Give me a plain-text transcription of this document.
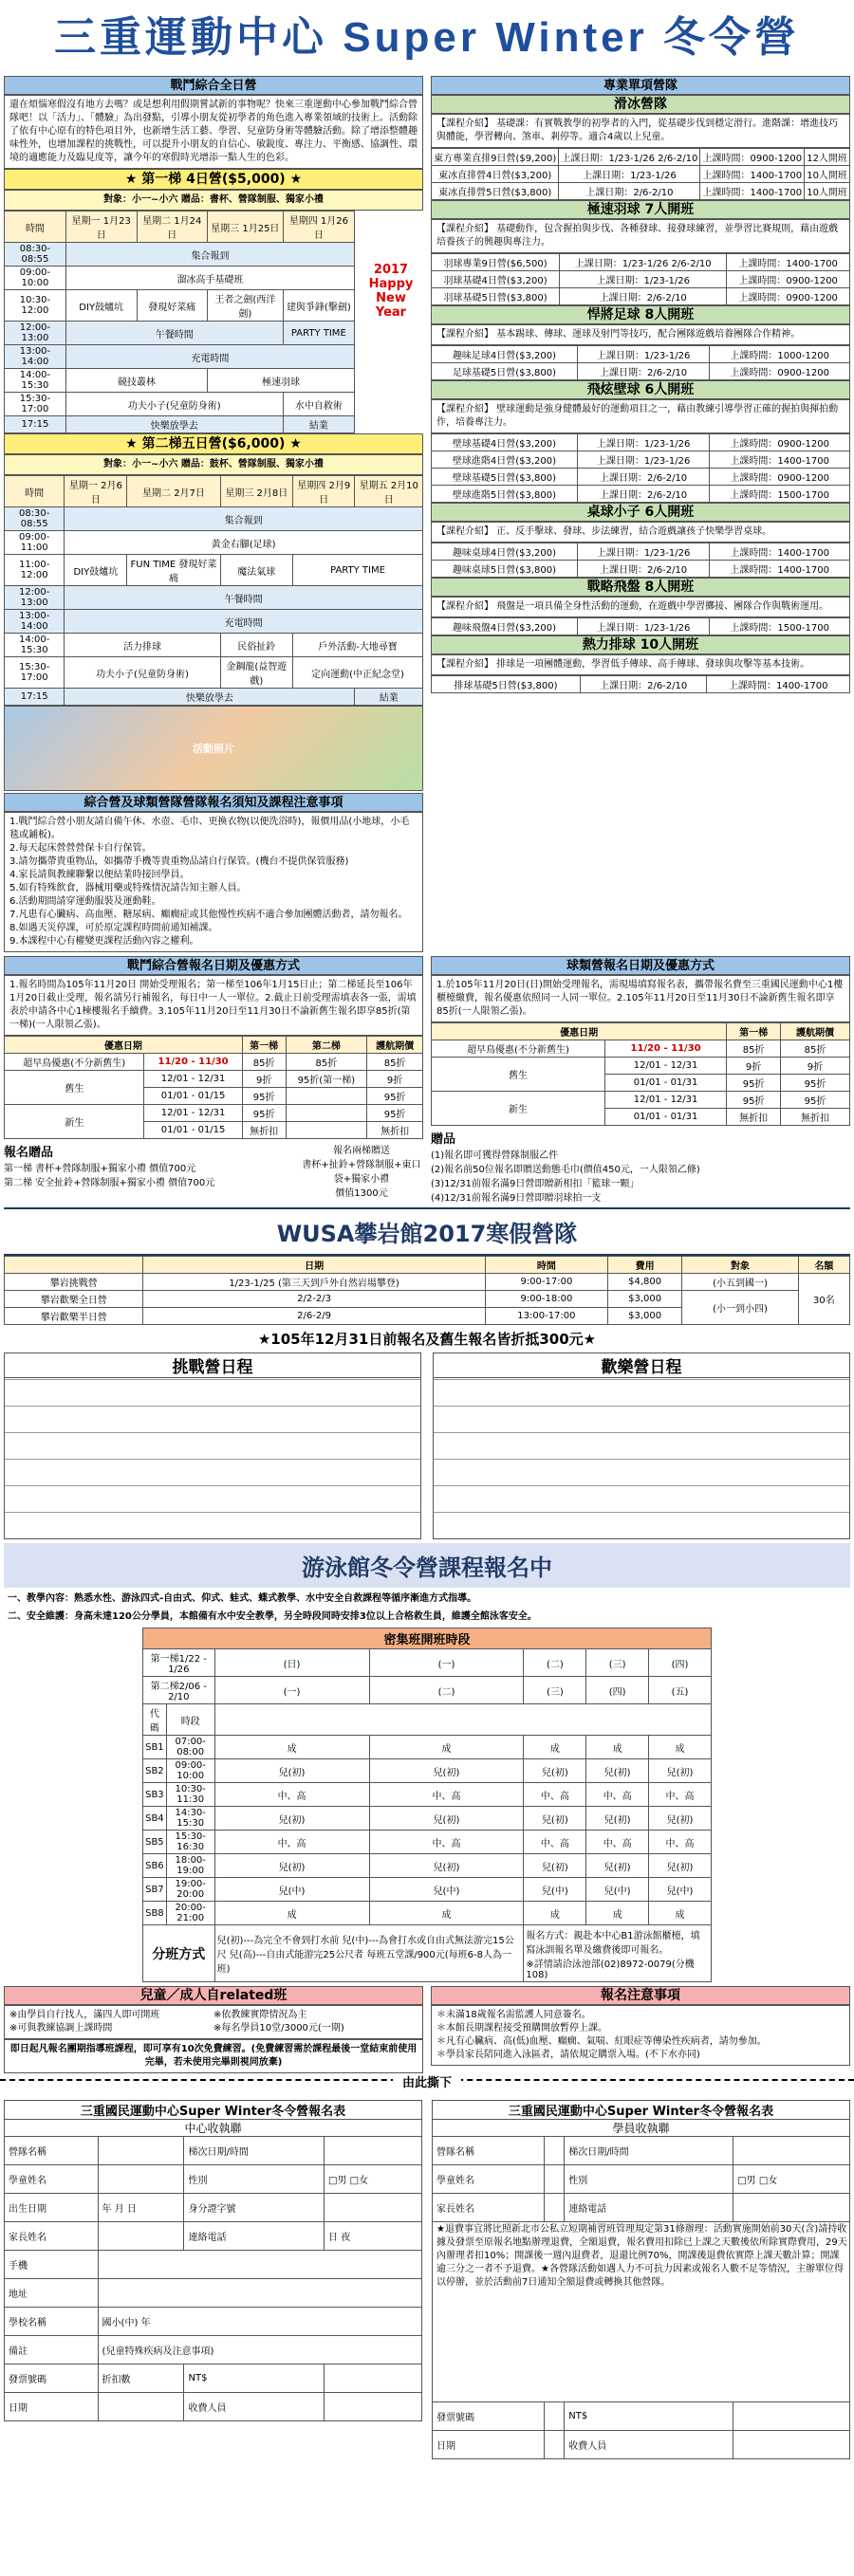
三重運動中心 Super Winter 冬令營
戰鬥綜合全日營
還在煩惱寒假沒有地方去嗎？或是想利用假期嘗試新的事物呢？快來三重運動中心參加戰鬥綜合營隊吧！以「活力」、「體驗」為出發點，引導小朋友從初學者的角色進入專業領域的技術上。活動除了依有中心原有的特色項目外，也新增生活工藝、學習、兒童防身術等體驗活動。除了增添整體趣味性外，也增加課程的挑戰性，可以提升小朋友的自信心、敏銳度、專注力、平衡感、協調性、環境的適應能力及臨見度等，讓今年的寒假時光增添一點人生的色彩。
★ 第一梯 4日營($5,000) ★
對象：小一~小六 贈品：書杯、營隊制服、獨家小禮
時間	星期一 1月23日	星期二 1月24日	星期三 1月25日	星期四 1月26日
08:30-08:55	集合報到			
09:00-10:00	溜冰高手基礎班			
10:30-12:00	DIY鼓爐坑	發現好菜痛	王者之劍(西洋劍)	建與爭鋒(擊劍)
12:00-13:00	午餐時間			PARTY TIME
13:00-14:00	充電時間			
14:00-15:30	競技叢林		極速羽球	
15:30-17:00	功夫小子(兒童防身術)			水中自救術
17:15	快樂放學去			結業
2017 Happy New Year
★ 第二梯五日營($6,000) ★
對象：小一~小六 贈品：鼓杯、營隊制服、獨家小禮
時間	星期一 2月6日	星期二 2月7日	星期三 2月8日	星期四 2月9日	星期五 2月10日
08:30-08:55	集合報到				
09:00-11:00	黃金右腳(足球)				
11:00-12:00	DIY鼓爐坑	FUN TIME 發現好菜痛	魔法氣球	PARTY TIME	
12:00-13:00	午餐時間				
13:00-14:00	充電時間				
14:00-15:30	活力排球		民俗扯鈴	戶外活動-大地尋寶	
15:30-17:00	功夫小子(兒童防身術)		金鋼龍(益智遊戲)	定向運動(中正紀念堂)	
17:15	快樂放學去				結業
活動照片
綜合營及球類營隊營隊報名須知及課程注意事項
1.戰鬥綜合營小朋友請自備午休、水壺、毛巾、更換衣物(以便洗浴時)，報價用品(小地球，小毛毯或鋪板)。
2.每天起床營營營保卡自行保管。
3.請勿攜帶貴重物品，如攜帶手機等貴重物品請自行保管。(機台不提供保管服務)
4.家長請與教練聯繫以便結業時接回學員。
5.如有特殊飲食，器械用藥或特殊情況請告知主辦人員。
6.活動期間請穿運動服裝及運動鞋。
7.凡患有心臟病、高血壓、糖尿病、癲癇症或其他慢性疾病不適合參加團體活動者，請勿報名。
8.如遇天災停課，可於原定課程時間前通知補課。
9.本課程中心有權變更課程活動內容之權利。
專業單項營隊
滑冰營隊
【課程介紹】 基礎課：有實戰教學的初學者的入門，從基礎步伐到穩定滑行。進階課：增進技巧與體能，學習轉向、煞車、剎停等。適合4歲以上兒童。
東方專業直排9日營($9,200)	上課日期：1/23-1/26 2/6-2/10	上課時間：0900-1200	12人開班
東冰直排營4日營($3,200)	上課日期：1/23-1/26	上課時間：1400-1700	10人開班
東冰直排營5日營($3,800)	上課日期：2/6-2/10	上課時間：1400-1700	10人開班
極速羽球 7人開班
【課程介紹】 基礎動作，包含握拍與步伐、各種發球、接發球練習，並學習比賽規則，藉由遊戲培養孩子的興趣與專注力。
羽球專業9日營($6,500)	上課日期：1/23-1/26 2/6-2/10	上課時間：1400-1700
羽球基礎4日營($3,200)	上課日期：1/23-1/26	上課時間：0900-1200
羽球基礎5日營($3,800)	上課日期：2/6-2/10	上課時間：0900-1200
悍將足球 8人開班
【課程介紹】 基本踢球、傳球、運球及射門等技巧，配合團隊遊戲培養團隊合作精神。
趣味足球4日營($3,200)	上課日期：1/23-1/26	上課時間：1000-1200
足球基礎5日營($3,800)	上課日期：2/6-2/10	上課時間：0900-1200
飛炫壁球 6人開班
【課程介紹】 壁球運動是強身健體最好的運動項目之一，藉由教練引導學習正確的握拍與揮拍動作，培養專注力。
壁球基礎4日營($3,200)	上課日期：1/23-1/26	上課時間：0900-1200
壁球進階4日營($3,200)	上課日期：1/23-1/26	上課時間：1400-1700
壁球基礎5日營($3,800)	上課日期：2/6-2/10	上課時間：0900-1200
壁球進階5日營($3,800)	上課日期：2/6-2/10	上課時間：1500-1700
桌球小子 6人開班
【課程介紹】 正、反手擊球、發球、步法練習，結合遊戲讓孩子快樂學習桌球。
趣味桌球4日營($3,200)	上課日期：1/23-1/26	上課時間：1400-1700
趣味桌球5日營($3,800)	上課日期：2/6-2/10	上課時間：1400-1700
戰略飛盤 8人開班
【課程介紹】 飛盤是一項具備全身性活動的運動，在遊戲中學習擲接、團隊合作與戰術運用。
趣味飛盤4日營($3,200)	上課日期：1/23-1/26	上課時間：1500-1700
熱力排球 10人開班
【課程介紹】 排球是一項團體運動，學習低手傳球、高手傳球、發球與攻擊等基本技術。
排球基礎5日營($3,800)	上課日期：2/6-2/10	上課時間：1400-1700
戰鬥綜合營報名日期及優惠方式
1.報名時間為105年11月20日 開始受理報名；第一梯至106年1月15日止；第二梯延長至106年1月20日截止受理，報名請另行補報名，每日中一人一單位。2.截止日前受理需填表各一張，需填表於申請各中心1棟樓報名手續費。3.105年11月20日至11月30日不論新舊生報名即享85折(第一梯)(一人限領乙張)。
優惠日期		第一梯	第二梯	護航期價
超早鳥優惠(不分新舊生)	11/20 - 11/30	85折	85折	85折
舊生	12/01 - 12/31	9折	95折(第一梯)	9折
	01/01 - 01/15	95折		95折
新生	12/01 - 12/31	95折		95折
	01/01 - 01/15	無折扣		無折扣
報名贈品
第一梯 書杯+營隊制服+獨家小禮 價值700元
第二梯 安全扯鈴+營隊制服+獨家小禮 價值700元
報名兩梯贈送
書杯+扯鈴+營隊制服+東口袋+獨家小禮
價值1300元
球類營報名日期及優惠方式
1.於105年11月20日(日)開始受理報名，需現場填寫報名表，攜帶報名費至三重國民運動中心1樓櫃檯繳費，報名優惠依照同一人同一單位。2.105年11月20日至11月30日不論新舊生報名即享85折(一人限領乙張)。
優惠日期		第一梯	護航期價
超早鳥優惠(不分新舊生)	11/20 - 11/30	85折	85折
舊生	12/01 - 12/31	9折	9折
	01/01 - 01/31	95折	95折
新生	12/01 - 12/31	95折	95折
	01/01 - 01/31	無折扣	無折扣
贈品
(1)報名即可獲得營隊制服乙件
(2)報名前50位報名即贈送動態毛巾(價值450元，一人限領乙條)
(3)12/31前報名滿9日營即贈新相扣「籃球一顆」
(4)12/31前報名滿9日營即贈羽球拍一支
WUSA攀岩館2017寒假營隊
	日期	時間	費用	對象	名額
攀岩挑戰營	1/23-1/25 (第三天到戶外自然岩場攀登)	9:00-17:00	$4,800	(小五到國一)	30名
攀岩歡樂全日營	2/2-2/3	9:00-18:00	$3,000	(小一到小四)	
攀岩歡樂半日營	2/6-2/9	13:00-17:00	$3,000		
★105年12月31日前報名及舊生報名皆折抵300元★
挑戰營日程	歡樂營日程
游泳館冬令營課程報名中
一、教學內容：熟悉水性、游泳四式-自由式、仰式、蛙式、蝶式教學、水中安全自救課程等循序漸進方式指導。
二、安全維護：身高未達120公分學員，本館備有水中安全教學，另全時段同時安排3位以上合格救生員，維護全館泳客安全。
密集班開班時段						
第一梯1/22 - 1/26		(日)	(一)	(二)	(三)	(四)
第二梯2/06 - 2/10		(一)	(二)	(三)	(四)	(五)
代碼	時段					
SB1	07:00-08:00	成	成	成	成	成
SB2	09:00-10:00	兒(初)	兒(初)	兒(初)	兒(初)	兒(初)
SB3	10:30-11:30	中、高	中、高	中、高	中、高	中、高
SB4	14:30-15:30	兒(初)	兒(初)	兒(初)	兒(初)	兒(初)
SB5	15:30-16:30	中、高	中、高	中、高	中、高	中、高
SB6	18:00-19:00	兒(初)	兒(初)	兒(初)	兒(初)	兒(初)
SB7	19:00-20:00	兒(中)	兒(中)	兒(中)	兒(中)	兒(中)
SB8	20:00-21:00	成	成	成	成	成
分班方式		兒(初)---為完全不會到打水前 兒(中)---為會打水或自由式無法游完15公尺 兒(高)---自由式能游完25公尺者 每班五堂課/900元(每班6-8人為一班)		報名方式：親赴本中心B1游泳館櫃檯，填寫泳訓報名單及繳費後即可報名。
※詳情請洽泳池部(02)8972-0079(分機108)		
兒童／成人自related班
※由學員自行找人，滿四人即可開班	※依教練實際情況為主
※可與教練協調上課時間	※每名學員10堂/3000元(一期)
即日起凡報名團期指導班課程，即可享有10次免費練習。(免費練習需於課程最後一堂結束前使用完畢，若未使用完畢則視同放棄)
報名注意事項
＊未滿18歲報名需監護人同意簽名。
＊本館長期課程接受預購開放暫停上課。
＊凡有心臟病、高(低)血壓、癲癇、氣喘、紅眼症等傳染性疾病者，請勿參加。
＊學員家長陪同進入泳區者，請依規定購票入場。(不下水亦同)
由此撕下
三重國民運動中心Super Winter冬令營報名表
中心收執聯
營隊名稱		梯次日期/時間	
學童姓名		性別	□男 □女
出生日期	年 月 日	身分證字號	
家長姓名		連絡電話	日 夜
手機			
地址			
學校名稱	國小(中) 年		
備註	(兒童特殊疾病及注意事項)		
發票號碼	折扣數	NT$	
日期		收費人員	
三重國民運動中心Super Winter冬令營報名表
學員收執聯
營隊名稱		梯次日期/時間	
學童姓名		性別	□男 □女
家長姓名		連絡電話	
★退費事宜將比照新北市公私立短期補習班管理規定第31條辦理：活動實施開始前30天(含)請持收據及發票至原報名地點辦理退費，全額退費，報名費用扣除已上課之天數後依所除實際費用，29天內辦理者扣10%；開課後一週內退費者，退還比例70%，開課後退費依實際上課天數計算；開課逾三分之一者不予退費。★各營隊活動如遇人力不可抗力因素或報名人數不足等情況，主辦單位得以停辦，並於活動前7日通知全額退費或轉換其他營隊。			
發票號碼		NT$	
日期		收費人員	
